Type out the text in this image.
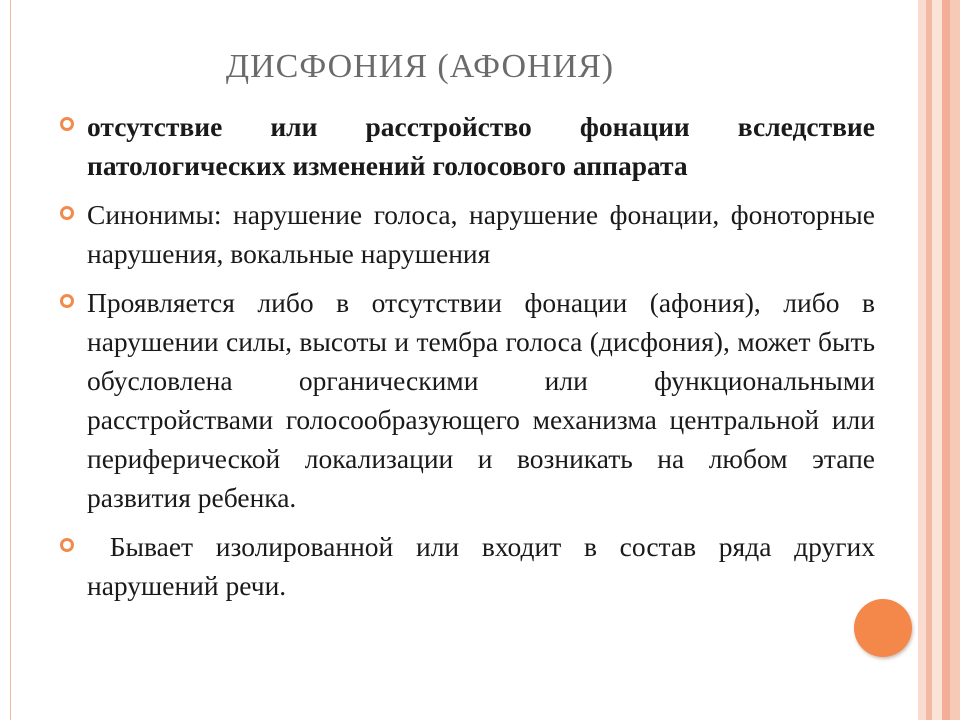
ДИСФОНИЯ (АФОНИЯ)
отсутствие или расстройство фонации вследствие патологических изменений голосового аппарата
Синонимы: нарушение голоса, нарушение фонации, фоноторные нарушения, вокальные нарушения
Проявляется либо в отсутствии фонации (афония), либо в нарушении силы, высоты и тембра голоса (дисфония), может быть обусловлена органическими или функциональными расстройствами голосообразующего механизма центральной или периферической локализации и возникать на любом этапе развития ребенка.
Бывает изолированной или входит в состав ряда других нарушений речи.
